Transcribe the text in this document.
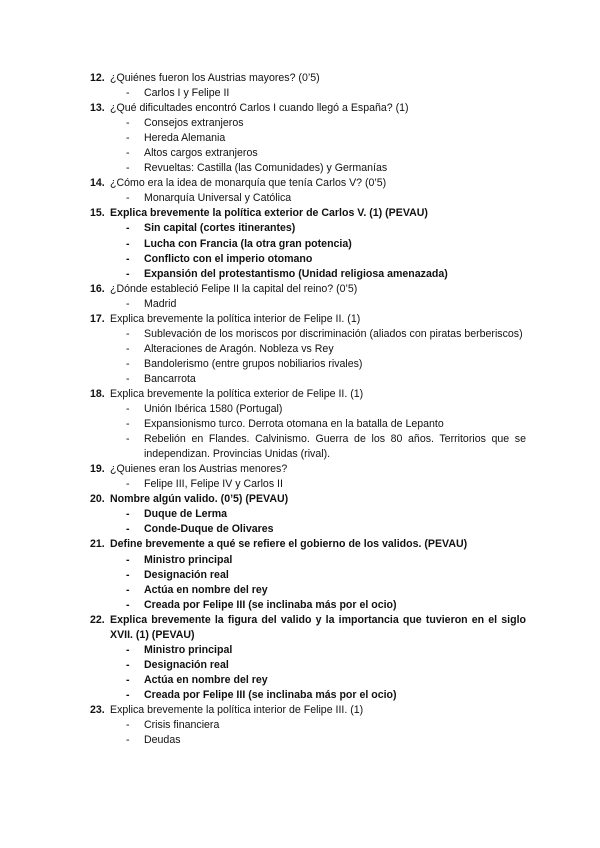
12. ¿Quiénes fueron los Austrias mayores? (0’5)
- Carlos I y Felipe II
13. ¿Qué dificultades encontró Carlos I cuando llegó a España? (1)
- Consejos extranjeros
- Hereda Alemania
- Altos cargos extranjeros
- Revueltas: Castilla (las Comunidades) y Germanías
14. ¿Cómo era la idea de monarquía que tenía Carlos V? (0’5)
- Monarquía Universal y Católica
15. Explica brevemente la política exterior de Carlos V. (1) (PEVAU)
- Sin capital (cortes itinerantes)
- Lucha con Francia (la otra gran potencia)
- Conflicto con el imperio otomano
- Expansión del protestantismo (Unidad religiosa amenazada)
16. ¿Dónde estableció Felipe II la capital del reino? (0’5)
- Madrid
17. Explica brevemente la política interior de Felipe II. (1)
- Sublevación de los moriscos por discriminación (aliados con piratas berberiscos)
- Alteraciones de Aragón. Nobleza vs Rey
- Bandolerismo (entre grupos nobiliarios rivales)
- Bancarrota
18. Explica brevemente la política exterior de Felipe II. (1)
- Unión Ibérica 1580 (Portugal)
- Expansionismo turco. Derrota otomana en la batalla de Lepanto
- Rebelión en Flandes. Calvinismo. Guerra de los 80 años. Territorios que se independizan. Provincias Unidas (rival).
19. ¿Quienes eran los Austrias menores?
- Felipe III, Felipe IV y Carlos II
20. Nombre algún valido. (0’5) (PEVAU)
- Duque de Lerma
- Conde-Duque de Olivares
21. Define brevemente a qué se refiere el gobierno de los validos. (PEVAU)
- Ministro principal
- Designación real
- Actúa en nombre del rey
- Creada por Felipe III (se inclinaba más por el ocio)
22. Explica brevemente la figura del valido y la importancia que tuvieron en el siglo XVII. (1) (PEVAU)
- Ministro principal
- Designación real
- Actúa en nombre del rey
- Creada por Felipe III (se inclinaba más por el ocio)
23. Explica brevemente la política interior de Felipe III. (1)
- Crisis financiera
- Deudas
